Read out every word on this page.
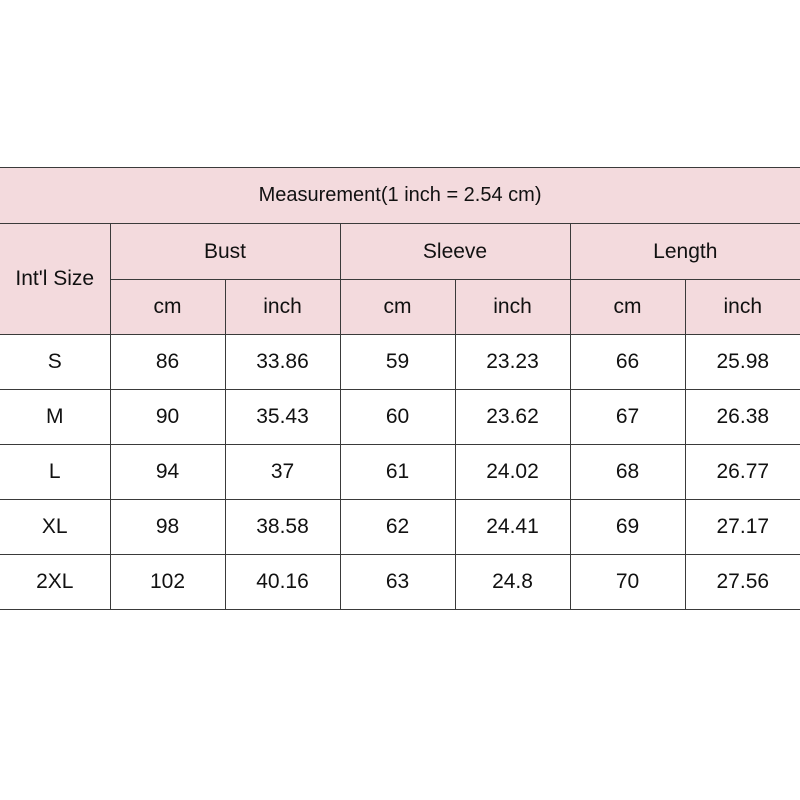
Measurement(1 inch = 2.54 cm)						
Int'l Size	Bust		Sleeve		Length	
	cm	inch	cm	inch	cm	inch
S	86	33.86	59	23.23	66	25.98
M	90	35.43	60	23.62	67	26.38
L	94	37	61	24.02	68	26.77
XL	98	38.58	62	24.41	69	27.17
2XL	102	40.16	63	24.8	70	27.56
